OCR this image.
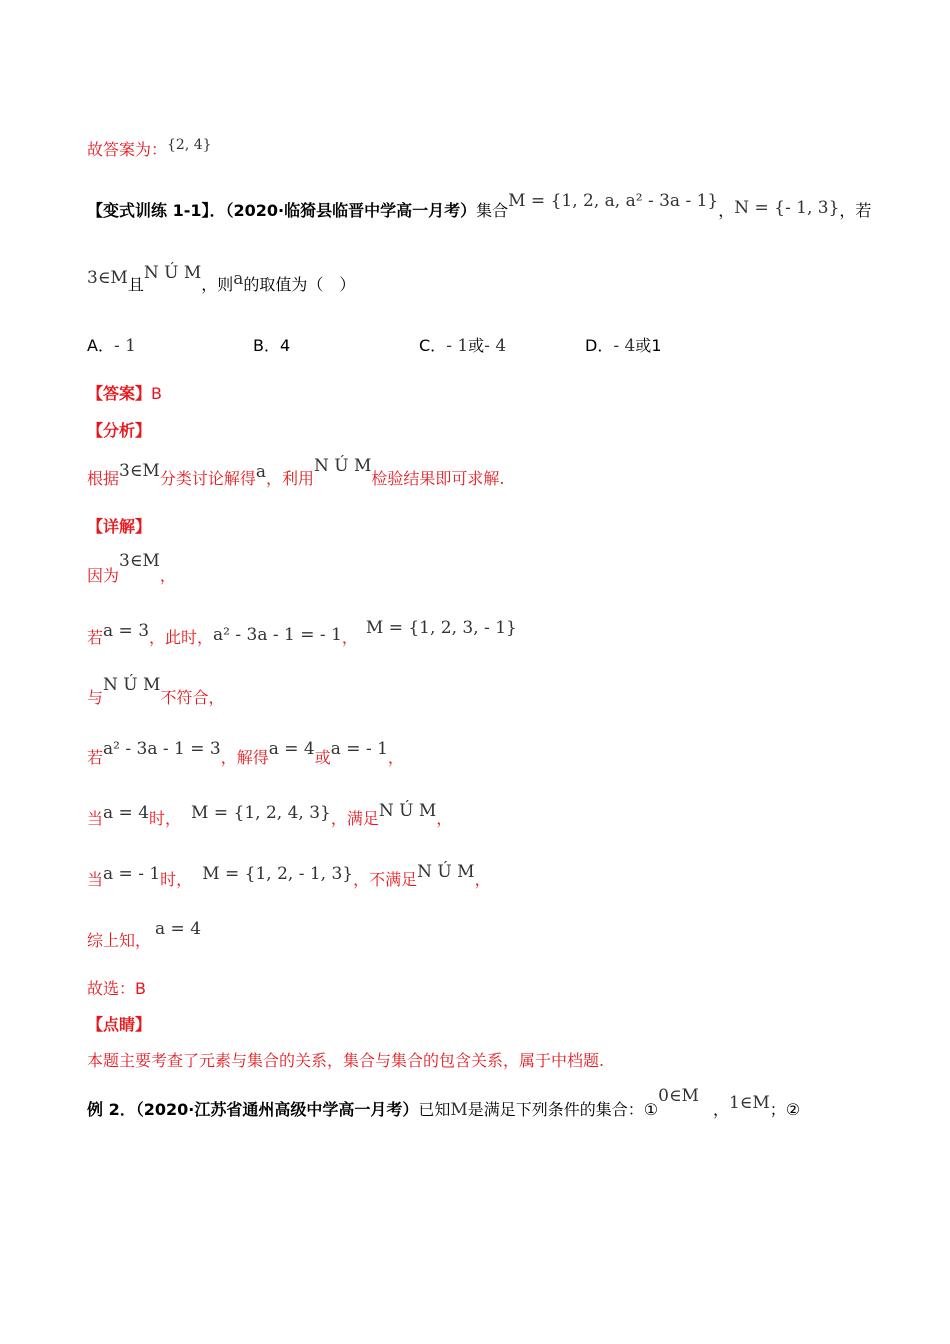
故答案为：{2, 4}
【变式训练 1-1】．（2020·临猗县临晋中学高一月考）集合M = {1, 2, a, a² - 3a - 1}，N = {- 1, 3}，若
3∈M且N Ú M，则a的取值为（　）
A．- 1	B．4	C．- 1或- 4	D．- 4或1
【答案】B
【分析】
根据3∈M分类讨论解得a，利用N Ú M检验结果即可求解.
【详解】
因为3∈M，
若a = 3，此时，a² - 3a - 1 = - 1， M = {1, 2, 3, - 1}
与N Ú M不符合，
若a² - 3a - 1 = 3，解得a = 4或a = - 1，
当a = 4时， M = {1, 2, 4, 3}，满足N Ú M，
当a = - 1时， M = {1, 2, - 1, 3}，不满足N Ú M，
综上知，a = 4
故选：B
【点睛】
本题主要考查了元素与集合的关系，集合与集合的包含关系，属于中档题.
例 2．（2020·江苏省通州高级中学高一月考）已知M是满足下列条件的集合：①0∈M，1∈M；②
